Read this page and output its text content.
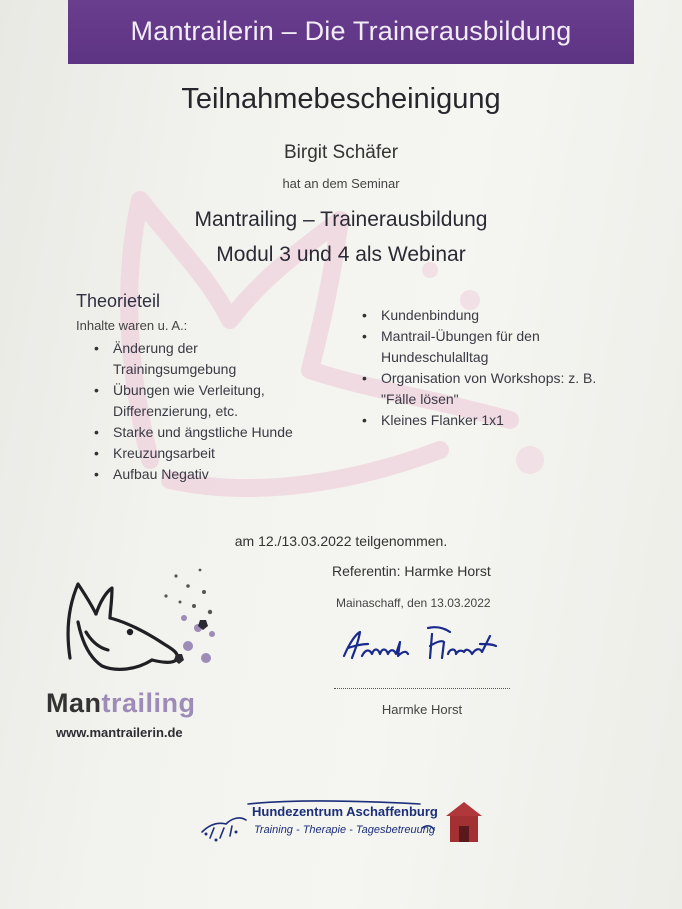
Mantrailerin – Die Trainerausbildung
Teilnahmebescheinigung
Birgit Schäfer
hat an dem Seminar
Mantrailing – Trainerausbildung
Modul 3 und 4 als Webinar
Theorieteil
Inhalte waren u. A.:
• Änderung der Trainingsumgebung
• Übungen wie Verleitung, Differenzierung, etc.
• Starke und ängstliche Hunde
• Kreuzungsarbeit
• Aufbau Negativ
• Kundenbindung
• Mantrail-Übungen für den Hundeschulalltag
• Organisation von Workshops: z. B. "Fälle lösen"
• Kleines Flanker 1x1
am 12./13.03.2022 teilgenommen.
Referentin: Harmke Horst
Mainaschaff, den 13.03.2022
Harmke Horst
Mantrailing
www.mantrailerin.de
Hundezentrum Aschaffenburg
Training - Therapie - Tagesbetreuung
